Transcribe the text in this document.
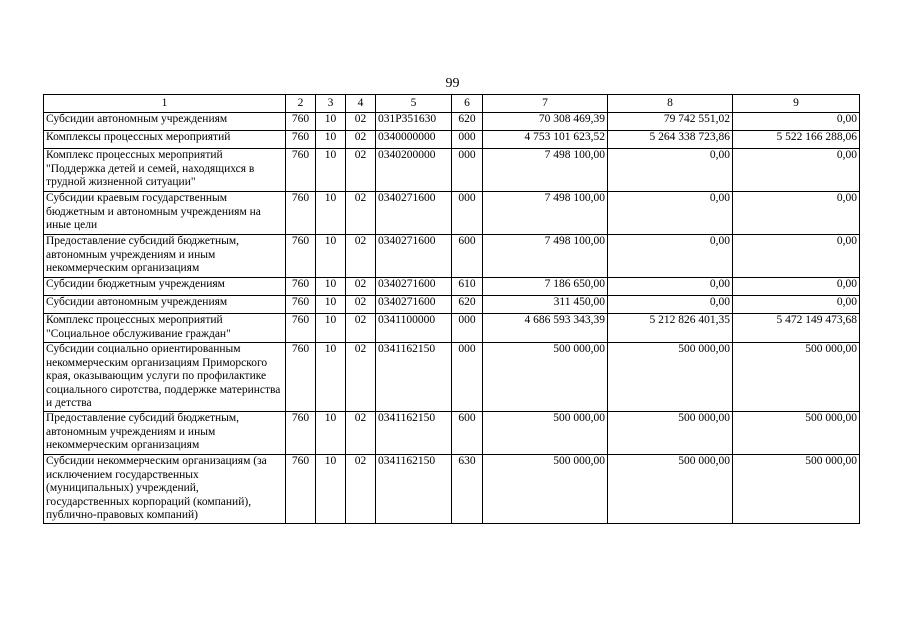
99
1	2	3	4	5	6	7	8	9
Субсидии автономным учреждениям	760	10	02	031Р351630	620	70 308 469,39	79 742 551,02	0,00
Комплексы процессных мероприятий	760	10	02	0340000000	000	4 753 101 623,52	5 264 338 723,86	5 522 166 288,06
Комплекс процессных мероприятий "Поддержка детей и семей, находящихся в трудной жизненной ситуации"	760	10	02	0340200000	000	7 498 100,00	0,00	0,00
Субсидии краевым государственным бюджетным и автономным учреждениям на иные цели	760	10	02	0340271600	000	7 498 100,00	0,00	0,00
Предоставление субсидий бюджетным, автономным учреждениям и иным некоммерческим организациям	760	10	02	0340271600	600	7 498 100,00	0,00	0,00
Субсидии бюджетным учреждениям	760	10	02	0340271600	610	7 186 650,00	0,00	0,00
Субсидии автономным учреждениям	760	10	02	0340271600	620	311 450,00	0,00	0,00
Комплекс процессных мероприятий "Социальное обслуживание граждан"	760	10	02	0341100000	000	4 686 593 343,39	5 212 826 401,35	5 472 149 473,68
Субсидии социально ориентированным некоммерческим организациям Приморского края, оказывающим услуги по профилактике социального сиротства, поддержке материнства и детства	760	10	02	0341162150	000	500 000,00	500 000,00	500 000,00
Предоставление субсидий бюджетным, автономным учреждениям и иным некоммерческим организациям	760	10	02	0341162150	600	500 000,00	500 000,00	500 000,00
Субсидии некоммерческим организациям (за исключением государственных (муниципальных) учреждений, государственных корпораций (компаний), публично-правовых компаний)	760	10	02	0341162150	630	500 000,00	500 000,00	500 000,00
